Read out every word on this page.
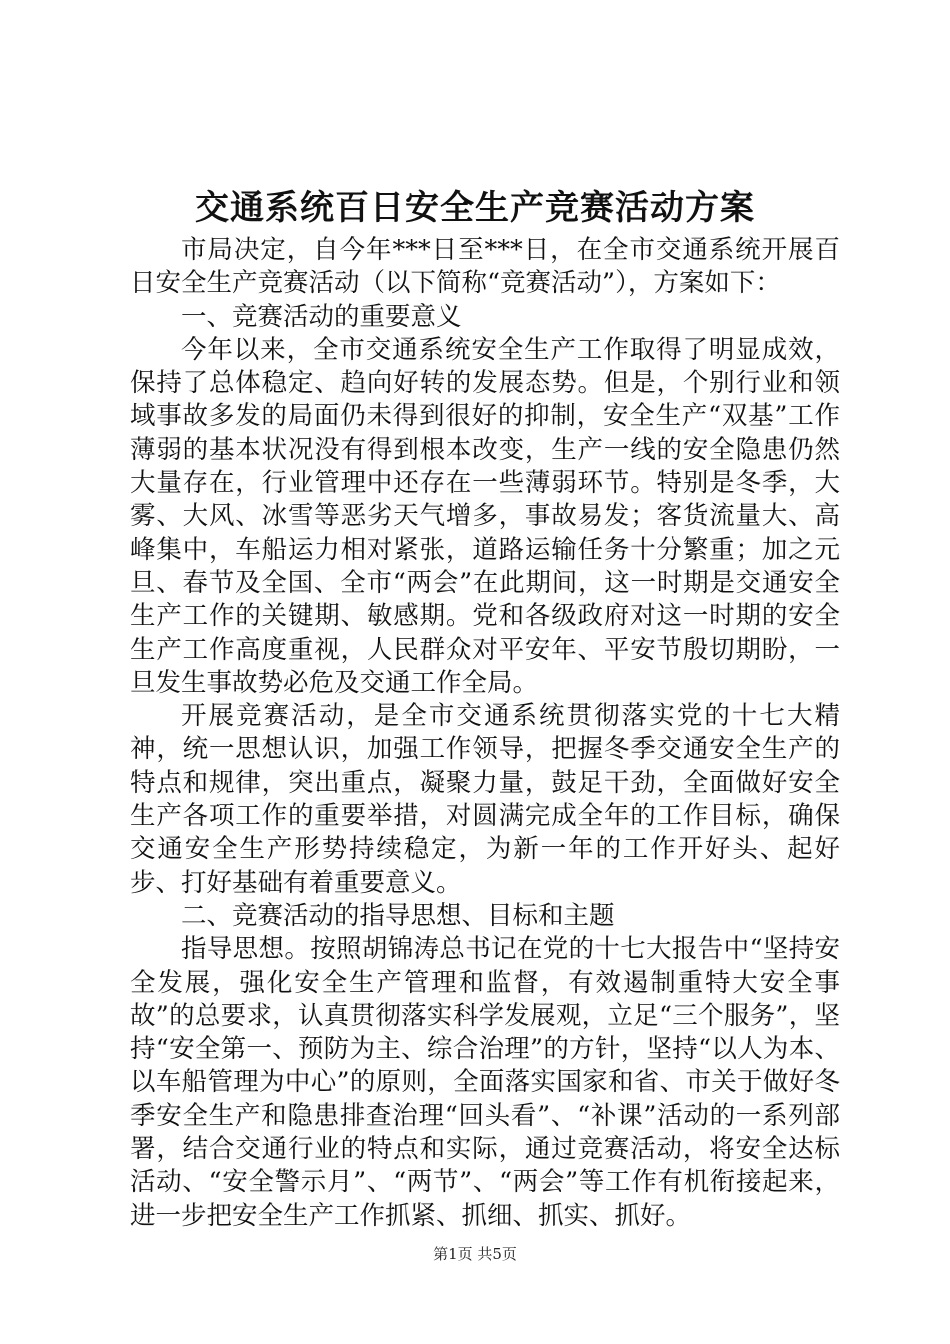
交通系统百日安全生产竞赛活动方案

市局决定，自今年***日至***日，在全市交通系统开展百日安全生产竞赛活动（以下简称“竞赛活动”），方案如下：

一、竞赛活动的重要意义

今年以来，全市交通系统安全生产工作取得了明显成效，保持了总体稳定、趋向好转的发展态势。但是，个别行业和领域事故多发的局面仍未得到很好的抑制，安全生产“双基”工作薄弱的基本状况没有得到根本改变，生产一线的安全隐患仍然大量存在，行业管理中还存在一些薄弱环节。特别是冬季，大雾、大风、冰雪等恶劣天气增多，事故易发；客货流量大、高峰集中，车船运力相对紧张，道路运输任务十分繁重；加之元旦、春节及全国、全市“两会”在此期间，这一时期是交通安全生产工作的关键期、敏感期。党和各级政府对这一时期的安全生产工作高度重视，人民群众对平安年、平安节殷切期盼，一旦发生事故势必危及交通工作全局。

开展竞赛活动，是全市交通系统贯彻落实党的十七大精神，统一思想认识，加强工作领导，把握冬季交通安全生产的特点和规律，突出重点，凝聚力量，鼓足干劲，全面做好安全生产各项工作的重要举措，对圆满完成全年的工作目标，确保交通安全生产形势持续稳定，为新一年的工作开好头、起好步、打好基础有着重要意义。

二、竞赛活动的指导思想、目标和主题

指导思想。按照胡锦涛总书记在党的十七大报告中“坚持安全发展，强化安全生产管理和监督，有效遏制重特大安全事故”的总要求，认真贯彻落实科学发展观，立足“三个服务”，坚持“安全第一、预防为主、综合治理”的方针，坚持“以人为本、以车船管理为中心”的原则，全面落实国家和省、市关于做好冬季安全生产和隐患排查治理“回头看”、“补课”活动的一系列部署，结合交通行业的特点和实际，通过竞赛活动，将安全达标活动、“安全警示月”、“两节”、“两会”等工作有机衔接起来，进一步把安全生产工作抓紧、抓细、抓实、抓好。

第1页 共5页
